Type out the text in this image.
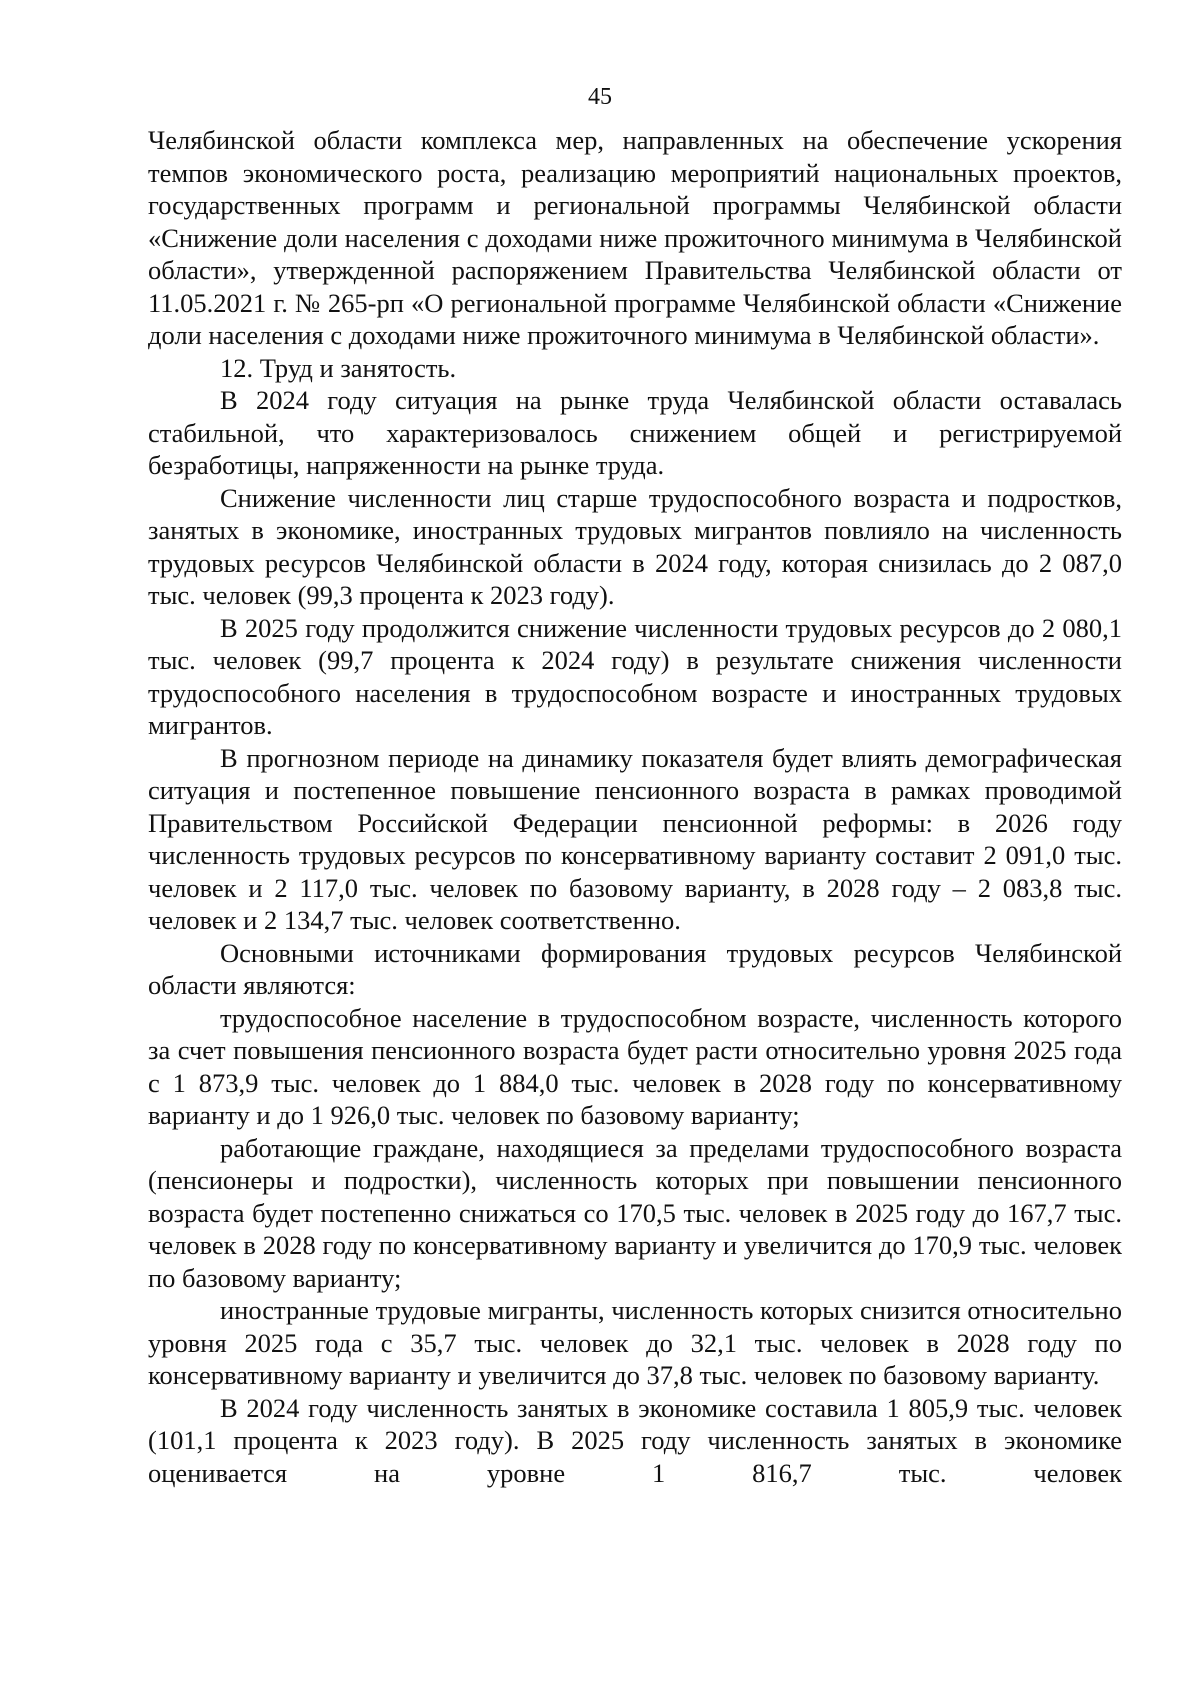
45

Челябинской области комплекса мер, направленных на обеспечение ускорения темпов экономического роста, реализацию мероприятий национальных проектов, государственных программ и региональной программы Челябинской области «Снижение доли населения с доходами ниже прожиточного минимума в Челябинской области», утвержденной распоряжением Правительства Челябинской области от 11.05.2021 г. № 265-рп «О региональной программе Челябинской области «Снижение доли населения с доходами ниже прожиточного минимума в Челябинской области».

12. Труд и занятость.

В 2024 году ситуация на рынке труда Челябинской области оставалась стабильной, что характеризовалось снижением общей и регистрируемой безработицы, напряженности на рынке труда.

Снижение численности лиц старше трудоспособного возраста и подростков, занятых в экономике, иностранных трудовых мигрантов повлияло на численность трудовых ресурсов Челябинской области в 2024 году, которая снизилась до 2 087,0 тыс. человек (99,3 процента к 2023 году).

В 2025 году продолжится снижение численности трудовых ресурсов до 2 080,1 тыс. человек (99,7 процента к 2024 году) в результате снижения численности трудоспособного населения в трудоспособном возрасте и иностранных трудовых мигрантов.

В прогнозном периоде на динамику показателя будет влиять демографическая ситуация и постепенное повышение пенсионного возраста в рамках проводимой Правительством Российской Федерации пенсионной реформы: в 2026 году численность трудовых ресурсов по консервативному варианту составит 2 091,0 тыс. человек и 2 117,0 тыс. человек по базовому варианту, в 2028 году – 2 083,8 тыс. человек и 2 134,7 тыс. человек соответственно.

Основными источниками формирования трудовых ресурсов Челябинской области являются:

трудоспособное население в трудоспособном возрасте, численность которого за счет повышения пенсионного возраста будет расти относительно уровня 2025 года с 1 873,9 тыс. человек до 1 884,0 тыс. человек в 2028 году по консервативному варианту и до 1 926,0 тыс. человек по базовому варианту;

работающие граждане, находящиеся за пределами трудоспособного возраста (пенсионеры и подростки), численность которых при повышении пенсионного возраста будет постепенно снижаться со 170,5 тыс. человек в 2025 году до 167,7 тыс. человек в 2028 году по консервативному варианту и увеличится до 170,9 тыс. человек по базовому варианту;

иностранные трудовые мигранты, численность которых снизится относительно уровня 2025 года с 35,7 тыс. человек до 32,1 тыс. человек в 2028 году по консервативному варианту и увеличится до 37,8 тыс. человек по базовому варианту.

В 2024 году численность занятых в экономике составила 1 805,9 тыс. человек (101,1 процента к 2023 году). В 2025 году численность занятых в экономике оценивается на уровне 1 816,7 тыс. человек
